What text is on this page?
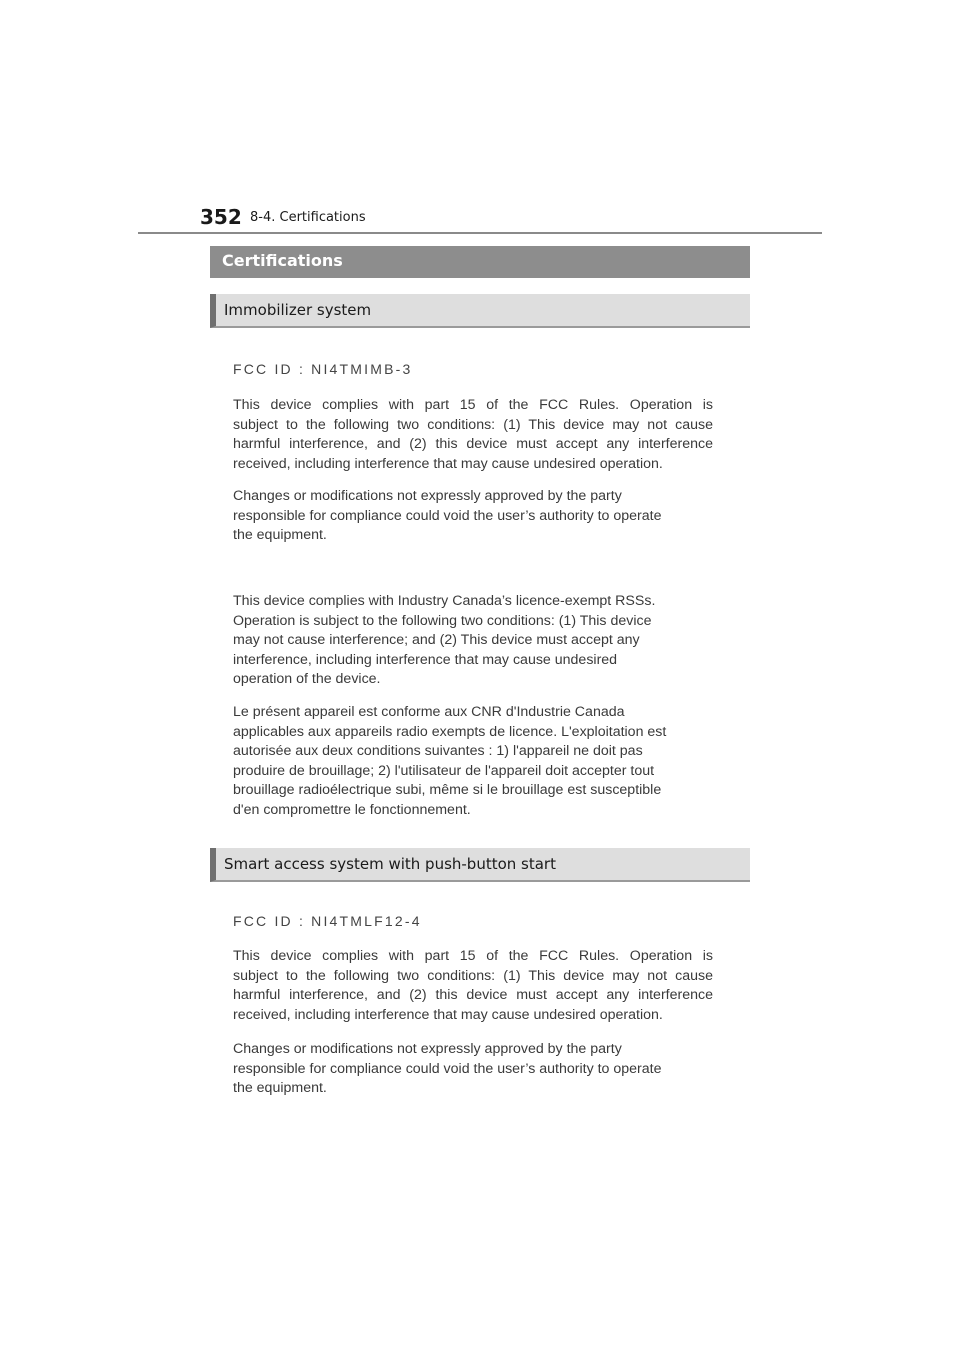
352 8-4. Certifications
Certifications
Immobilizer system
FCC ID : NI4TMIMB-3
This device complies with part 15 of the FCC Rules. Operation is
subject to the following two conditions: (1) This device may not cause
harmful interference, and (2) this device must accept any interference
received, including interference that may cause undesired operation.
Changes or modifications not expressly approved by the party
responsible for compliance could void the user’s authority to operate
the equipment.
This device complies with Industry Canada’s licence-exempt RSSs.
Operation is subject to the following two conditions: (1) This device
may not cause interference; and (2) This device must accept any
interference, including interference that may cause undesired
operation of the device.
Le présent appareil est conforme aux CNR d'Industrie Canada
applicables aux appareils radio exempts de licence. L'exploitation est
autorisée aux deux conditions suivantes : 1) l'appareil ne doit pas
produire de brouillage; 2) l'utilisateur de l'appareil doit accepter tout
brouillage radioélectrique subi, même si le brouillage est susceptible
d'en compromettre le fonctionnement.
Smart access system with push-button start
FCC ID : NI4TMLF12-4
This device complies with part 15 of the FCC Rules. Operation is
subject to the following two conditions: (1) This device may not cause
harmful interference, and (2) this device must accept any interference
received, including interference that may cause undesired operation.
Changes or modifications not expressly approved by the party
responsible for compliance could void the user’s authority to operate
the equipment.
